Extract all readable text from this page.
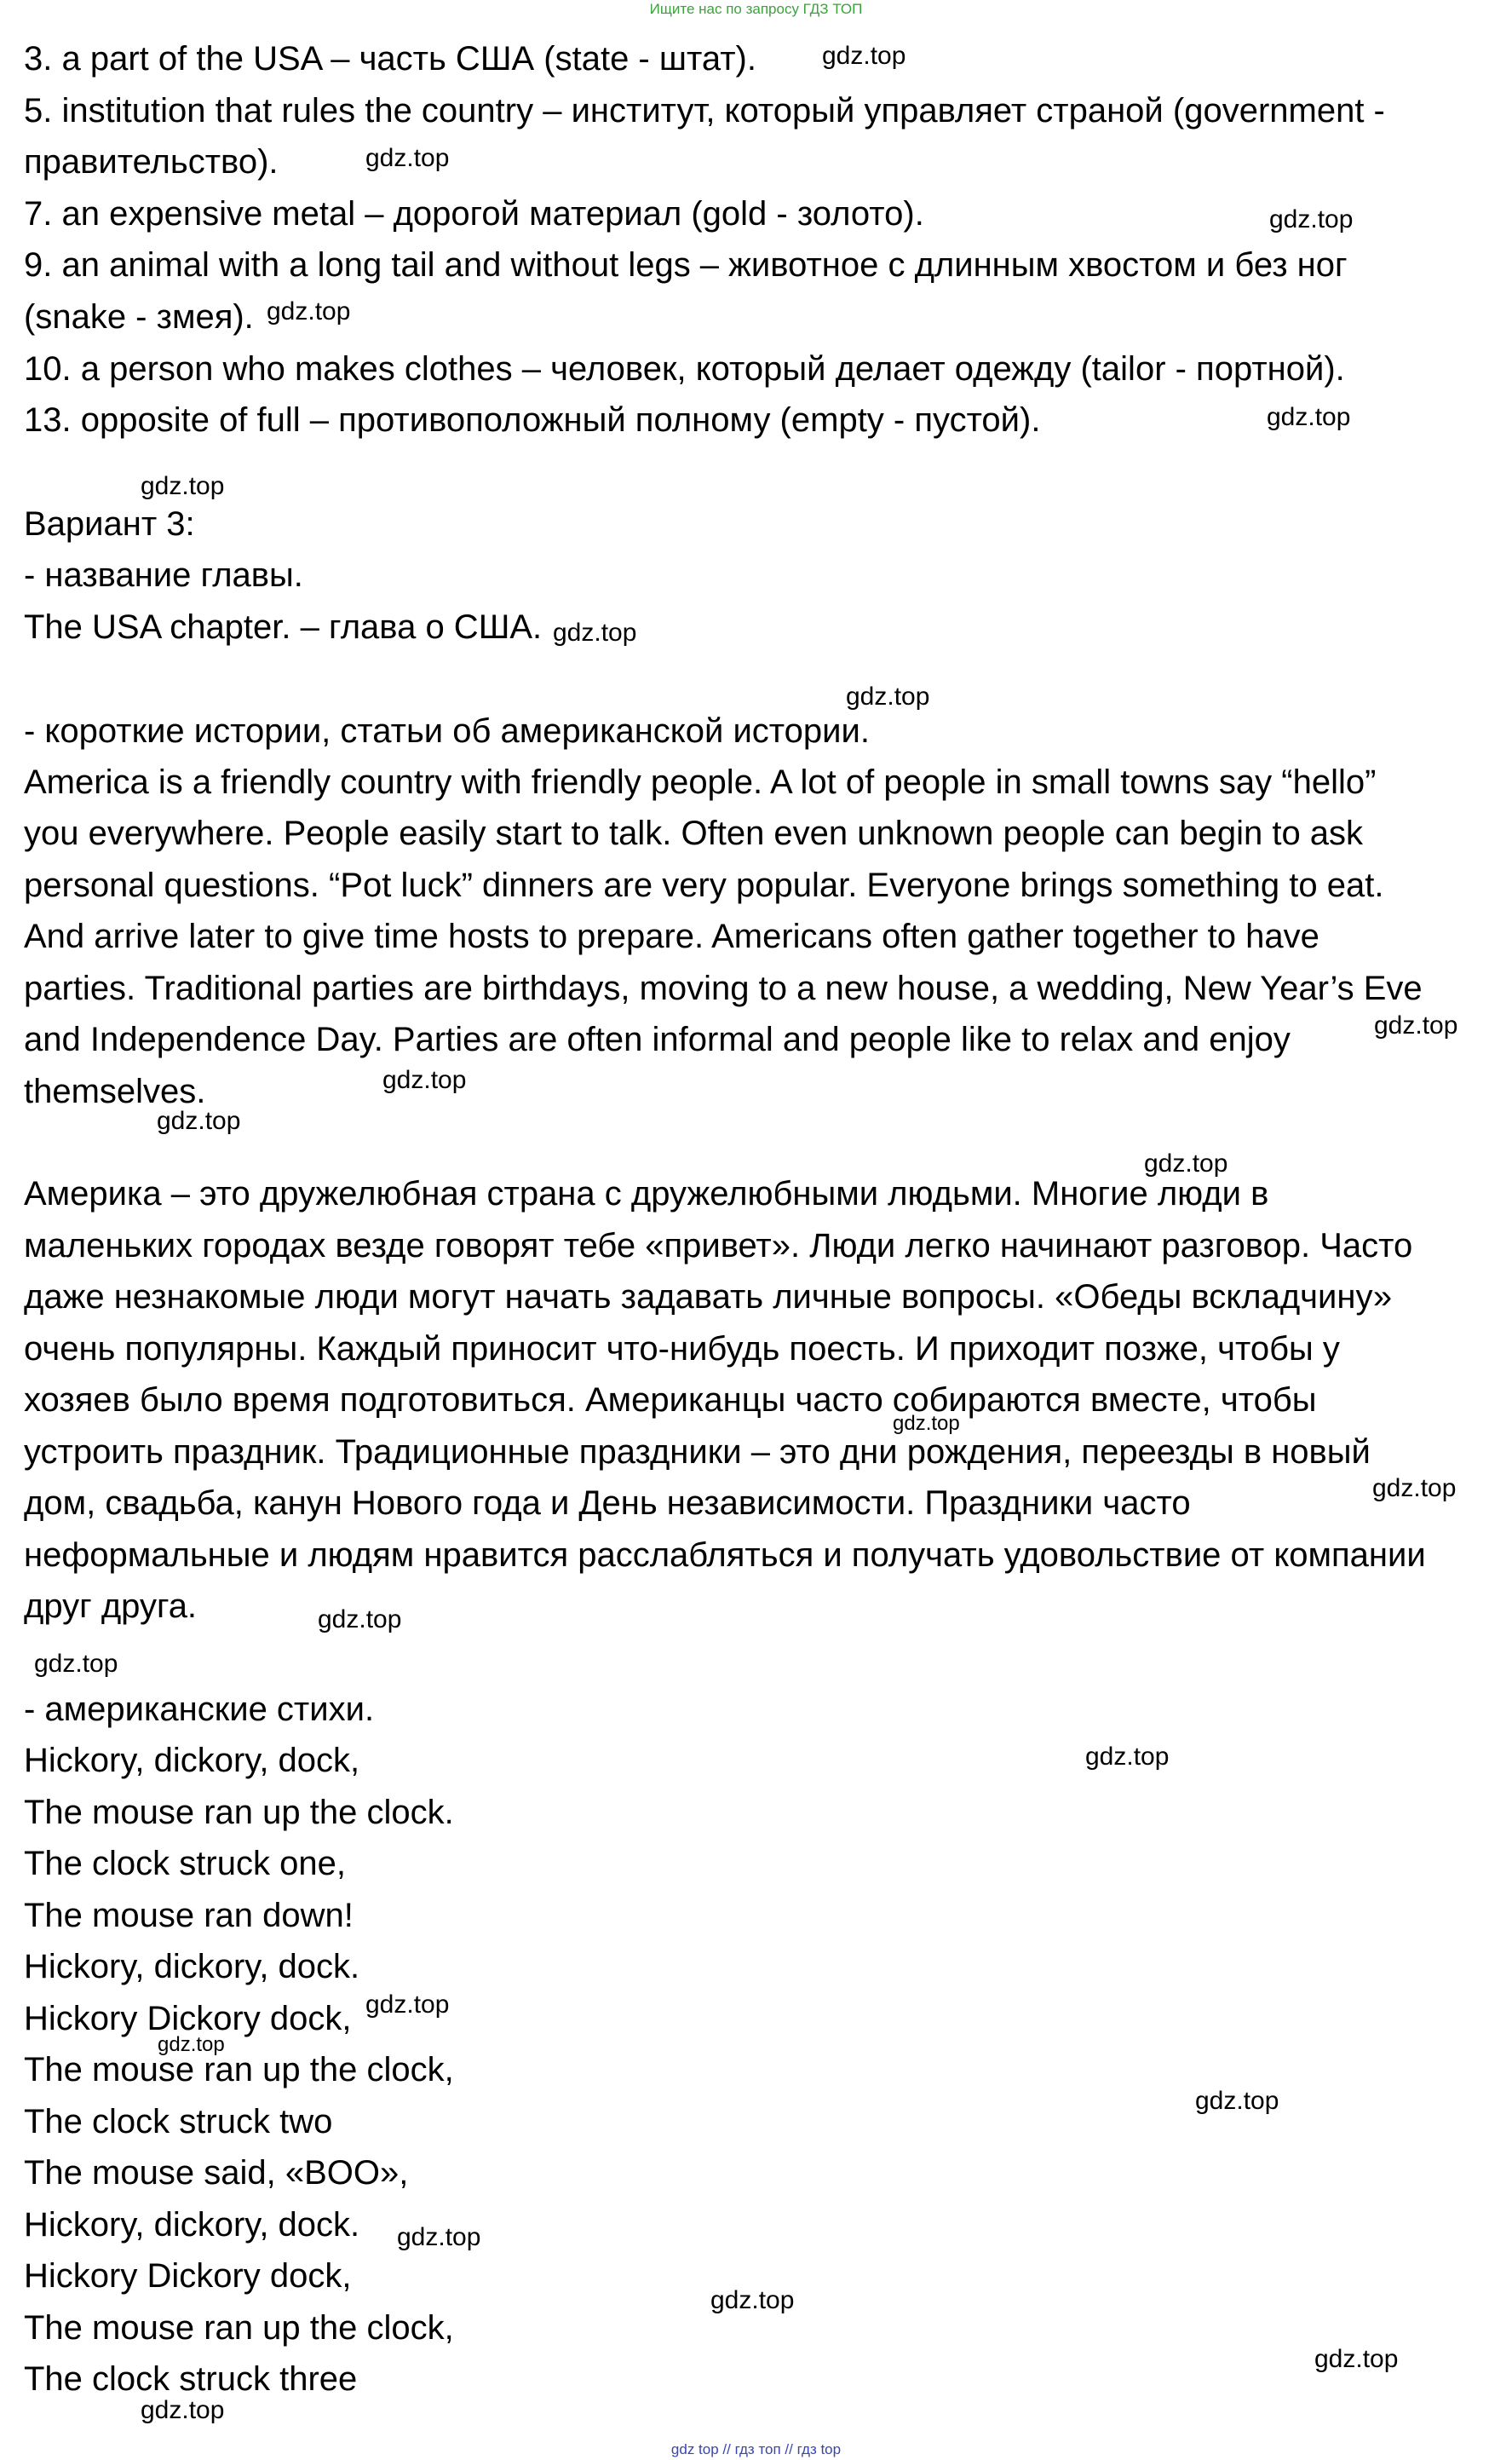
Ищите нас по запросу ГДЗ ТОП
3. a part of the USA – часть США (state - штат).
5. institution that rules the country – институт, который управляет страной (government -
правительство).
7. an expensive metal – дорогой материал (gold - золото).
9. an animal with a long tail and without legs – животное с длинным хвостом и без ног
(snake - змея).
10. a person who makes clothes – человек, который делает одежду (tailor - портной).
13. opposite of full – противоположный полному (empty - пустой).
Вариант 3:
- название главы.
The USA chapter. – глава о США.
- короткие истории, статьи об американской истории.
America is a friendly country with friendly people. A lot of people in small towns say “hello”
you everywhere. People easily start to talk. Often even unknown people can begin to ask
personal questions. “Pot luck” dinners are very popular. Everyone brings something to eat.
And arrive later to give time hosts to prepare. Americans often gather together to have
parties. Traditional parties are birthdays, moving to a new house, a wedding, New Year’s Eve
and Independence Day. Parties are often informal and people like to relax and enjoy
themselves.
Америка – это дружелюбная страна с дружелюбными людьми. Многие люди в
маленьких городах везде говорят тебе «привет». Люди легко начинают разговор. Часто
даже незнакомые люди могут начать задавать личные вопросы. «Обеды вскладчину»
очень популярны. Каждый приносит что-нибудь поесть. И приходит позже, чтобы у
хозяев было время подготовиться. Американцы часто собираются вместе, чтобы
устроить праздник. Традиционные праздники – это дни рождения, переезды в новый
дом, свадьба, канун Нового года и День независимости. Праздники часто
неформальные и людям нравится расслабляться и получать удовольствие от компании
друг друга.
- американские стихи.
Hickory, dickory, dock,
The mouse ran up the clock.
The clock struck one,
The mouse ran down!
Hickory, dickory, dock.
Hickory Dickory dock,
The mouse ran up the clock,
The clock struck two
The mouse said, «BOO»,
Hickory, dickory, dock.
Hickory Dickory dock,
The mouse ran up the clock,
The clock struck three
gdz.top
gdz.top
gdz.top
gdz.top
gdz.top
gdz.top
gdz.top
gdz.top
gdz.top
gdz.top
gdz.top
gdz.top
gdz.top
gdz.top
gdz.top
gdz.top
gdz.top
gdz.top
gdz.top
gdz.top
gdz.top
gdz.top
gdz.top
gdz.top
gdz top // гдз топ // гдз top
